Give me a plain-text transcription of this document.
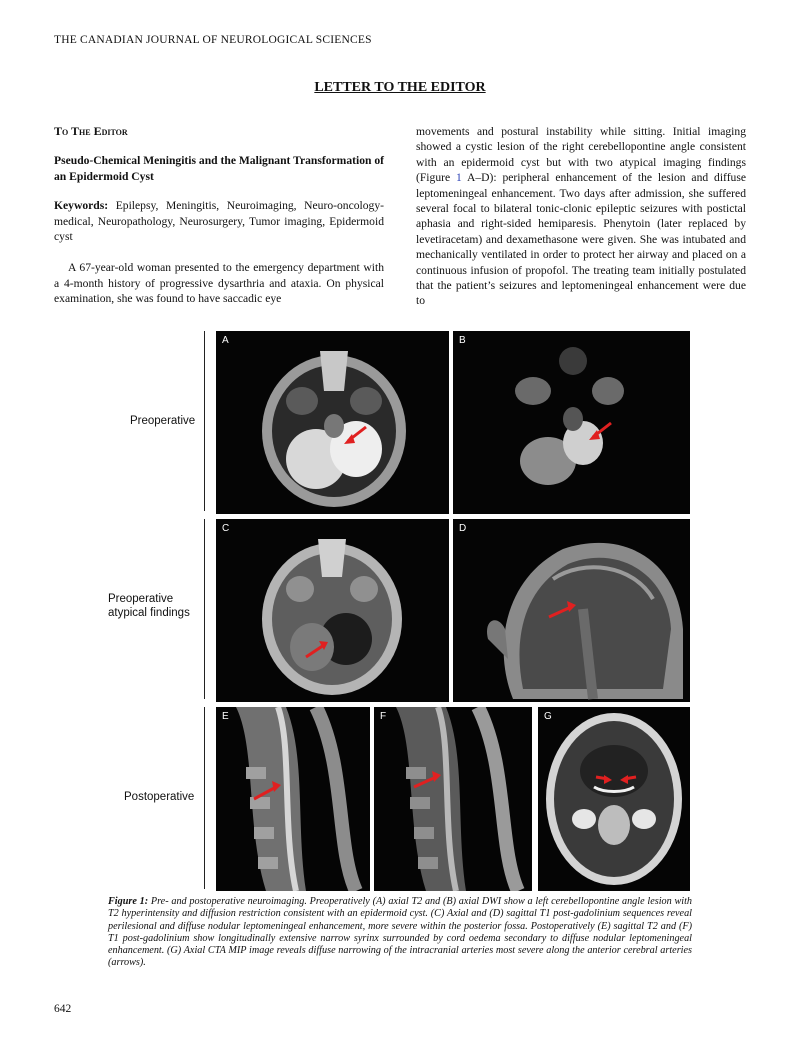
THE CANADIAN JOURNAL OF NEUROLOGICAL SCIENCES
LETTER TO THE EDITOR
To The Editor
Pseudo-Chemical Meningitis and the Malignant Transformation of an Epidermoid Cyst
Keywords: Epilepsy, Meningitis, Neuroimaging, Neuro-oncology-medical, Neuropathology, Neurosurgery, Tumor imaging, Epidermoid cyst
A 67-year-old woman presented to the emergency department with a 4-month history of progressive dysarthria and ataxia. On physical examination, she was found to have saccadic eye
movements and postural instability while sitting. Initial imaging showed a cystic lesion of the right cerebellopontine angle consistent with an epidermoid cyst but with two atypical imaging findings (Figure 1 A–D): peripheral enhancement of the lesion and diffuse leptomeningeal enhancement. Two days after admission, she suffered several focal to bilateral tonic-clonic epileptic seizures with postictal aphasia and right-sided hemiparesis. Phenytoin (later replaced by levetiracetam) and dexamethasone were given. She was intubated and mechanically ventilated in order to protect her airway and placed on a continuous infusion of propofol. The treating team initially postulated that the patient’s seizures and leptomeningeal enhancement were due to
Preoperative
Preoperative
atypical findings
Postoperative
A	B
C	D
E	F	G
Figure 1: Pre- and postoperative neuroimaging. Preoperatively (A) axial T2 and (B) axial DWI show a left cerebellopontine angle lesion with T2 hyperintensity and diffusion restriction consistent with an epidermoid cyst. (C) Axial and (D) sagittal T1 post-gadolinium sequences reveal perilesional and diffuse nodular leptomeningeal enhancement, more severe within the posterior fossa. Postoperatively (E) sagittal T2 and (F) T1 post-gadolinium show longitudinally extensive narrow syrinx surrounded by cord oedema secondary to diffuse nodular leptomeningeal enhancement. (G) Axial CTA MIP image reveals diffuse narrowing of the intracranial arteries most severe along the anterior cerebral arteries (arrows).
642
